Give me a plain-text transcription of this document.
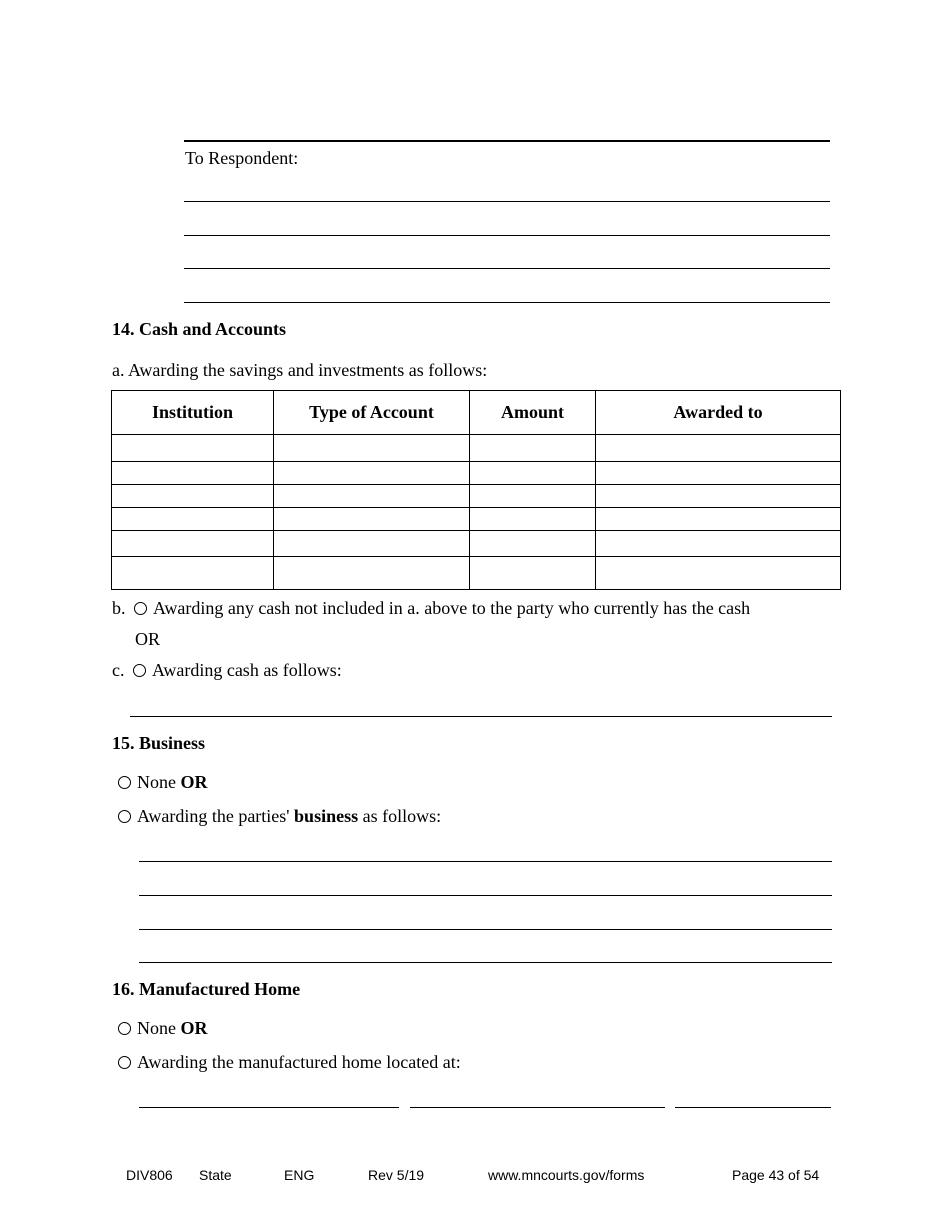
To Respondent:
14. Cash and Accounts
a. Awarding the savings and investments as follows:
Institution	Type of Account	Amount	Awarded to

b. Awarding any cash not included in a. above to the party who currently has the cash
OR
c. Awarding cash as follows:
15. Business
None OR
Awarding the parties' business as follows:
16. Manufactured Home
None OR
Awarding the manufactured home located at:
DIV806 State	ENG	Rev 5/19	www.mncourts.gov/forms	Page 43 of 54
